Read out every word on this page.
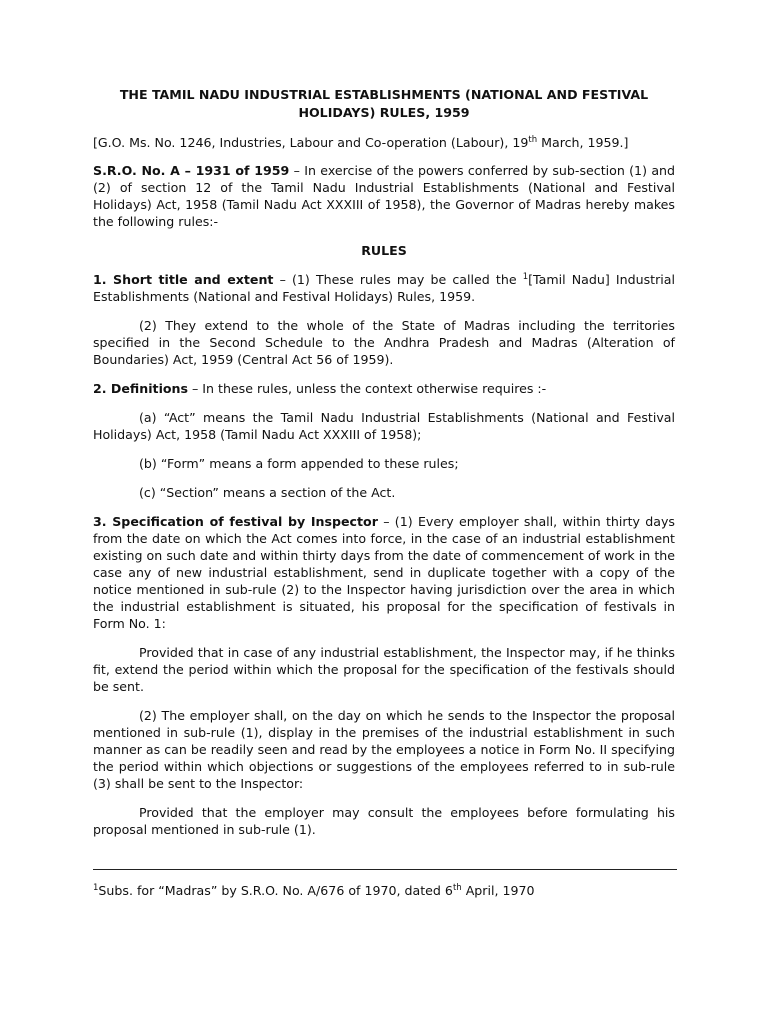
THE TAMIL NADU INDUSTRIAL ESTABLISHMENTS (NATIONAL AND FESTIVAL
HOLIDAYS) RULES, 1959

[G.O. Ms. No. 1246, Industries, Labour and Co-operation (Labour), 19th March, 1959.]

S.R.O. No. A – 1931 of 1959 – In exercise of the powers conferred by sub-section (1) and (2) of section 12 of the Tamil Nadu Industrial Establishments (National and Festival Holidays) Act, 1958 (Tamil Nadu Act XXXIII of 1958), the Governor of Madras hereby makes the following rules:-

RULES

1. Short title and extent – (1) These rules may be called the $^1$[Tamil Nadu] Industrial Establishments (National and Festival Holidays) Rules, 1959.

(2) They extend to the whole of the State of Madras including the territories specified in the Second Schedule to the Andhra Pradesh and Madras (Alteration of Boundaries) Act, 1959 (Central Act 56 of 1959).

2. Definitions – In these rules, unless the context otherwise requires :-

(a) “Act” means the Tamil Nadu Industrial Establishments (National and Festival Holidays) Act, 1958 (Tamil Nadu Act XXXIII of 1958);

(b) “Form” means a form appended to these rules;

(c) “Section” means a section of the Act.

3. Specification of festival by Inspector – (1) Every employer shall, within thirty days from the date on which the Act comes into force, in the case of an industrial establishment existing on such date and within thirty days from the date of commencement of work in the case any of new industrial establishment, send in duplicate together with a copy of the notice mentioned in sub-rule (2) to the Inspector having jurisdiction over the area in which the industrial establishment is situated, his proposal for the specification of festivals in Form No. 1:

Provided that in case of any industrial establishment, the Inspector may, if he thinks fit, extend the period within which the proposal for the specification of the festivals should be sent.

(2) The employer shall, on the day on which he sends to the Inspector the proposal mentioned in sub-rule (1), display in the premises of the industrial establishment in such manner as can be readily seen and read by the employees a notice in Form No. II specifying the period within which objections or suggestions of the employees referred to in sub-rule (3) shall be sent to the Inspector:

Provided that the employer may consult the employees before formulating his proposal mentioned in sub-rule (1).

$^1$Subs. for “Madras” by S.R.O. No. A/676 of 1970, dated 6th April, 1970
